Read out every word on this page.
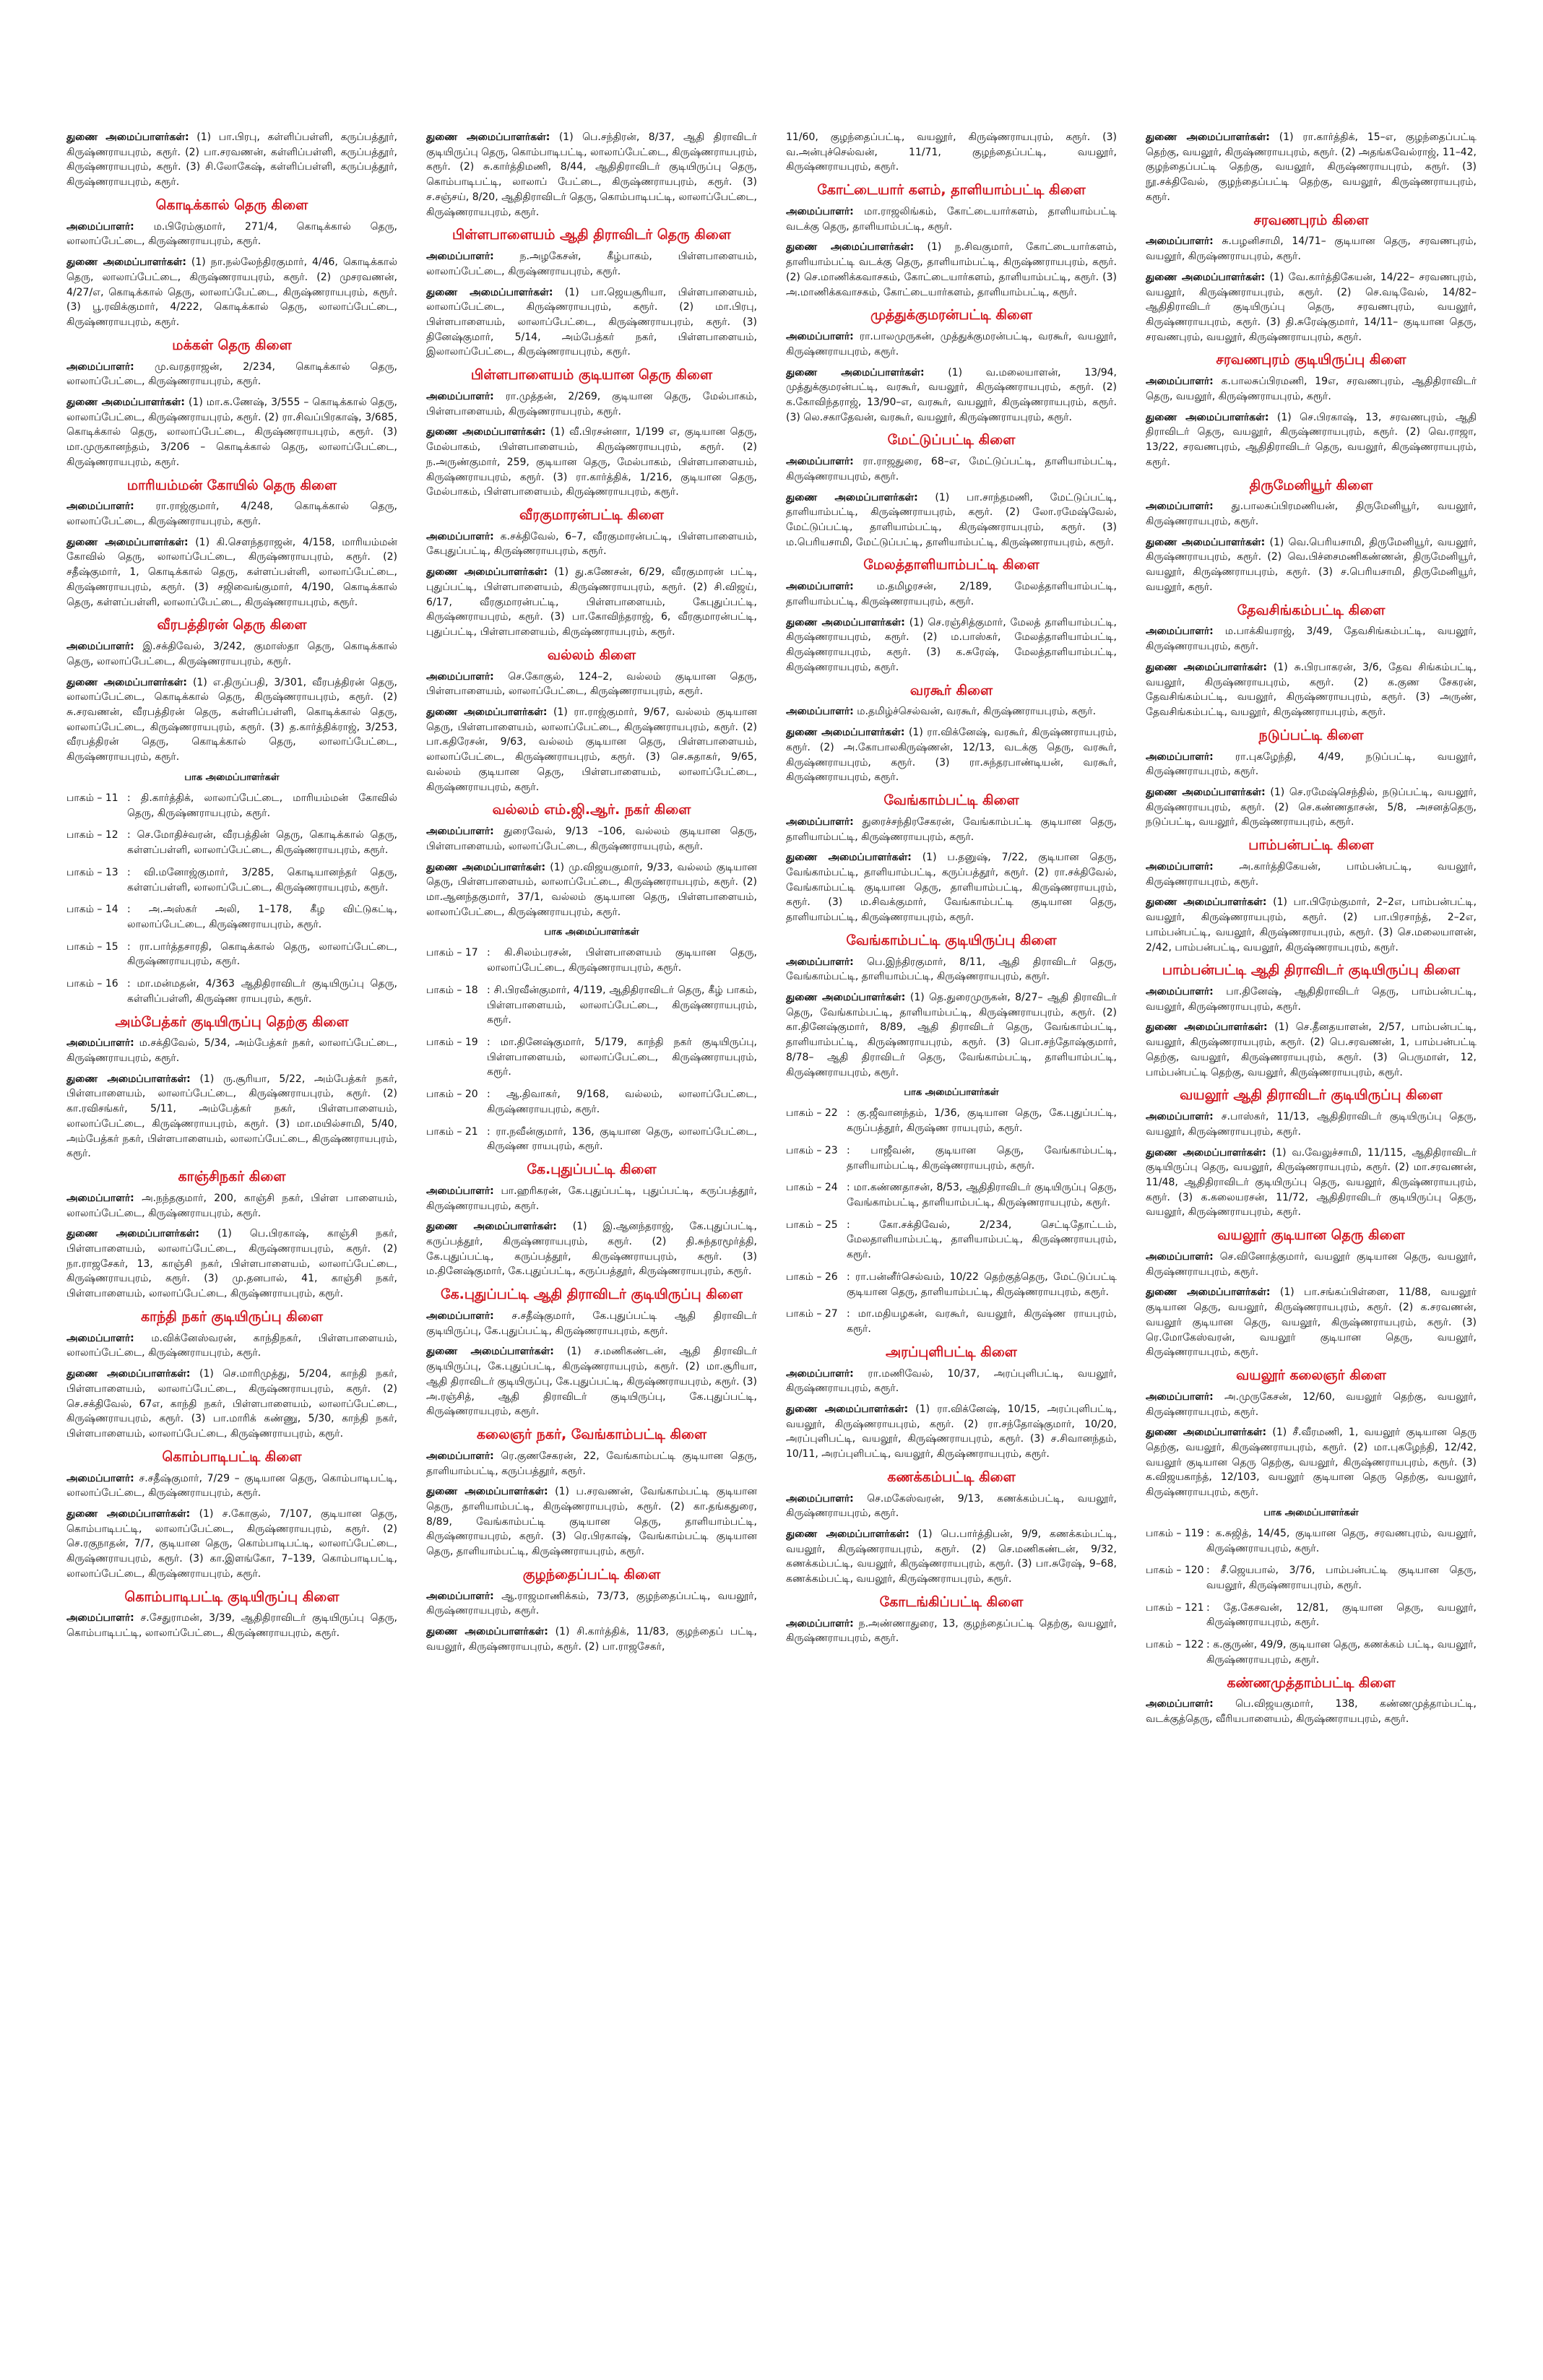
துணை அமைப்பாளர்கள்: (1) பா.பிரபு, கள்ளிப்பள்ளி, கருப்பத்தூர், கிருஷ்ணராயபுரம், கரூர். (2) பா.சரவணன், கள்ளிப்பள்ளி, கருப்பத்தூர், கிருஷ்ணராயபுரம், கரூர். (3) சி.லோகேஷ், கள்ளிப்பள்ளி, கருப்பத்தூர், கிருஷ்ணராயபுரம், கரூர்.
கொடிக்கால் தெரு கிளை
அமைப்பாளர்: ம.பிரேம்குமார், 271/4, கொடிக்கால் தெரு, லாலாப்பேட்டை, கிருஷ்ணராயபுரம், கரூர்.
துணை அமைப்பாளர்கள்: (1) நா.நல்லேந்திரகுமார், 4/46, கொடிக்கால் தெரு, லாலாப்பேட்டை, கிருஷ்ணராயபுரம், கரூர். (2) முசரவணன், 4/27/எ, கொடிக்கால் தெரு, லாலாப்பேட்டை, கிருஷ்ணராயபுரம், கரூர். (3) பூ.ரவிக்குமார், 4/222, கொடிக்கால் தெரு, லாலாப்பேட்டை, கிருஷ்ணராயபுரம், கரூர்.
மக்கள் தெரு கிளை
அமைப்பாளர்: மு.வரதராஜன், 2/234, கொடிக்கால் தெரு, லாலாப்பேட்டை, கிருஷ்ணராயபுரம், கரூர்.
துணை அமைப்பாளர்கள்: (1) மா.க.ணேஷ், 3/555 – கொடிக்கால் தெரு, லாலாப்பேட்டை, கிருஷ்ணராயபுரம், கரூர். (2) ரா.சிவப்பிரகாஷ், 3/685, கொடிக்கால் தெரு, லாலாப்பேட்டை, கிருஷ்ணராயபுரம், கரூர். (3) மா.முருகானந்தம், 3/206 – கொடிக்கால் தெரு, லாலாப்பேட்டை, கிருஷ்ணராயபுரம், கரூர்.
மாரியம்மன் கோயில் தெரு கிளை
அமைப்பாளர்: ரா.ராஜ்குமார், 4/248, கொடிக்கால் தெரு, லாலாப்பேட்டை, கிருஷ்ணராயபுரம், கரூர்.
துணை அமைப்பாளர்கள்: (1) கி.சௌந்தராஜன், 4/158, மாரியம்மன் கோவில் தெரு, லாலாப்பேட்டை, கிருஷ்ணராயபுரம், கரூர். (2) சதீஷ்குமார், 1, கொடிக்கால் தெரு, கள்ளப்பள்ளி, லாலாப்பேட்டை, கிருஷ்ணராயபுரம், கரூர். (3) சஜிவைங்குமார், 4/190, கொடிக்கால் தெரு, கள்ளப்பள்ளி, லாலாப்பேட்டை, கிருஷ்ணராயபுரம், கரூர்.
வீரபத்திரன் தெரு கிளை
அமைப்பாளர்: இ.சக்திவேல், 3/242, குமாஸ்தா தெரு, கொடிக்கால் தெரு, லாலாப்பேட்டை, கிருஷ்ணராயபுரம், கரூர்.
துணை அமைப்பாளர்கள்: (1) எ.திருப்பதி, 3/301, வீரபத்திரன் தெரு, லாலாப்பேட்டை, கொடிக்கால் தெரு, கிருஷ்ணராயபுரம், கரூர். (2) சு.சரவணன், வீரபத்திரன் தெரு, கள்ளிப்பள்ளி, கொடிக்கால் தெரு, லாலாப்பேட்டை, கிருஷ்ணராயபுரம், கரூர். (3) த.கார்த்திக்ராஜ், 3/253, வீரபத்திரன் தெரு, கொடிக்கால் தெரு, லாலாப்பேட்டை, கிருஷ்ணராயபுரம், கரூர்.
பாக அமைப்பாளர்கள்
பாகம் – 11 : தி.கார்த்திக், லாலாப்பேட்டை, மாரியம்மன் கோவில் தெரு, கிருஷ்ணராயபுரம், கரூர்.
பாகம் – 12 : செ.மோதிச்வரன், வீரபத்தின் தெரு, கொடிக்கால் தெரு, கள்ளப்பள்ளி, லாலாப்பேட்டை, கிருஷ்ணராயபுரம், கரூர்.
பாகம் – 13 : வி.மனோஜ்குமார், 3/285, கொடியானந்தர் தெரு, கள்ளப்பள்ளி, லாலாப்பேட்டை, கிருஷ்ணராயபுரம், கரூர்.
பாகம் – 14 : அ.அஸ்கர் அலி, 1–178, கீழ விட்டுகட்டி, லாலாப்பேட்டை, கிருஷ்ணராயபுரம், கரூர்.
பாகம் – 15 : ரா.பார்த்தசாரதி, கொடிக்கால் தெரு, லாலாப்பேட்டை, கிருஷ்ணராயபுரம், கரூர்.
பாகம் – 16 : மா.மன்மதன், 4/363 ஆதிதிராவிடர் குடியிருப்பு தெரு, கள்ளிப்பள்ளி, கிருஷ்ண ராயபுரம், கரூர்.
அம்பேத்கர் குடியிருப்பு தெற்கு கிளை
அமைப்பாளர்: ம.சக்திவேல், 5/34, அம்பேத்கர் நகர், லாலாப்பேட்டை, கிருஷ்ணராயபுரம், கரூர்.
துணை அமைப்பாளர்கள்: (1) ரு.சூரியா, 5/22, அம்பேத்கர் நகர், பிள்ளபாளையம், லாலாப்பேட்டை, கிருஷ்ணராயபுரம், கரூர். (2) கா.ரவிசங்கர், 5/11, அம்பேத்கர் நகர், பிள்ளபாளையம், லாலாப்பேட்டை, கிருஷ்ணராயபுரம், கரூர். (3) மா.மயில்சாமி, 5/40, அம்பேத்கர் நகர், பிள்ளபாளையம், லாலாப்பேட்டை, கிருஷ்ணராயபுரம், கரூர்.
காஞ்சிநகர் கிளை
அமைப்பாளர்: அ.நந்தகுமார், 200, காஞ்சி நகர், பிள்ள பாளையம், லாலாப்பேட்டை, கிருஷ்ணராயபுரம், கரூர்.
துணை அமைப்பாளர்கள்: (1) பெ.பிரகாஷ், காஞ்சி நகர், பிள்ளபாளையம், லாலாப்பேட்டை, கிருஷ்ணராயபுரம், கரூர். (2) நா.ராஜசேகர், 13, காஞ்சி நகர், பிள்ளபாளையம், லாலாப்பேட்டை, கிருஷ்ணராயபுரம், கரூர். (3) மு.தனபால், 41, காஞ்சி நகர், பிள்ளபாளையம், லாலாப்பேட்டை, கிருஷ்ணராயபுரம், கரூர்.
காந்தி நகர் குடியிருப்பு கிளை
அமைப்பாளர்: ம.விக்னேஸ்வரன், காந்திநகர், பிள்ளபாளையம், லாலாப்பேட்டை, கிருஷ்ணராயபுரம், கரூர்.
துணை அமைப்பாளர்கள்: (1) செ.மாரிமுத்து, 5/204, காந்தி நகர், பிள்ளபாளையம், லாலாப்பேட்டை, கிருஷ்ணராயபுரம், கரூர். (2) செ.சக்திவேல், 67எ, காந்தி நகர், பிள்ளபாளையம், லாலாப்பேட்டை, கிருஷ்ணராயபுரம், கரூர். (3) பா.மாரிக் கண்ணு, 5/30, காந்தி நகர், பிள்ளபாளையம், லாலாப்பேட்டை, கிருஷ்ணராயபுரம், கரூர்.
கொம்பாடிபட்டி கிளை
அமைப்பாளர்: ச.சதீஷ்குமார், 7/29 – குடியான தெரு, கொம்பாடிபட்டி, லாலாப்பேட்டை, கிருஷ்ணராயபுரம், கரூர்.
துணை அமைப்பாளர்கள்: (1) ச.கோகுல், 7/107, குடியான தெரு, கொம்பாடிபட்டி, லாலாப்பேட்டை, கிருஷ்ணராயபுரம், கரூர். (2) செ.ரகுநாதன், 7/7, குடியான தெரு, கொம்பாடிபட்டி, லாலாப்பேட்டை, கிருஷ்ணராயபுரம், கரூர். (3) கா.இளங்கோ, 7–139, கொம்பாடிபட்டி, லாலாப்பேட்டை, கிருஷ்ணராயபுரம், கரூர்.
கொம்பாடிபட்டி குடியிருப்பு கிளை
அமைப்பாளர்: ச.சேதுராமன், 3/39, ஆதிதிராவிடர் குடியிருப்பு தெரு, கொம்பாடிபட்டி, லாலாப்பேட்டை, கிருஷ்ணராயபுரம், கரூர்.
துணை அமைப்பாளர்கள்: (1) பெ.சந்திரன், 8/37, ஆதி திராவிடர் குடியிருப்பு தெரு, கொம்பாடிபட்டி, லாலாப்பேட்டை, கிருஷ்ணராயபுரம், கரூர். (2) சு.கார்த்திமணி, 8/44, ஆதிதிராவிடர் குடியிருப்பு தெரு, கொம்பாடிபட்டி, லாலாப் பேட்டை, கிருஷ்ணராயபுரம், கரூர். (3) ச.சஞ்சய், 8/20, ஆதிதிராவிடர் தெரு, கொம்பாடிபட்டி, லாலாப்பேட்டை, கிருஷ்ணராயபுரம், கரூர்.
பிள்ளபாளையம் ஆதி திராவிடர் தெரு கிளை
அமைப்பாளர்:	ந.அழகேசன், கீழ்பாகம், பிள்ளபாளையம், லாலாப்பேட்டை, கிருஷ்ணராயபுரம், கரூர்.
துணை அமைப்பாளர்கள்: (1) பா.ஜெயசூரியா, பிள்ளபாளையம், லாலாப்பேட்டை, கிருஷ்ணராயபுரம், கரூர். (2) மா.பிரபு, பிள்ளபாளையம், லாலாப்பேட்டை, கிருஷ்ணராயபுரம், கரூர். (3) தினேஷ்குமார், 5/14, அம்பேத்கர் நகர், பிள்ளபாளையம், இலாலாப்பேட்டை, கிருஷ்ணராயபுரம், கரூர்.
பிள்ளபாளையம் குடியான தெரு கிளை
அமைப்பாளர்: ரா.முத்தன், 2/269, குடியான தெரு, மேல்பாகம், பிள்ளபாளையம், கிருஷ்ணராயபுரம், கரூர்.
துணை அமைப்பாளர்கள்: (1) வீ.பிரசன்னா, 1/199 எ, குடியான தெரு, மேல்பாகம், பிள்ளபாளையம், கிருஷ்ணராயபுரம், கரூர். (2) ந.அருண்குமார், 259, குடியான தெரு, மேல்பாகம், பிள்ளபாளையம், கிருஷ்ணராயபுரம், கரூர். (3) ரா.கார்த்திக், 1/216, குடியான தெரு, மேல்பாகம், பிள்ளபாளையம், கிருஷ்ணராயபுரம், கரூர்.
வீரகுமாரன்பட்டி கிளை
அமைப்பாளர்: க.சக்திவேல், 6–7, வீரகுமாரன்பட்டி, பிள்ளபாளையம், கேபுதுப்பட்டி, கிருஷ்ணராயபுரம், கரூர்.
துணை அமைப்பாளர்கள்: (1) து.கணேசன், 6/29, வீரகுமாரன் பட்டி, புதுப்பட்டி, பிள்ளபாளையம், கிருஷ்ணராயபுரம், கரூர். (2) சி.விஜய், 6/17, வீரகுமாரன்பட்டி, பிள்ளபாளையம், கேபுதுப்பட்டி, கிருஷ்ணராயபுரம், கரூர். (3) பா.கோவிந்தராஜ், 6, வீரகுமாரன்பட்டி, புதுப்பட்டி, பிள்ளபாளையம், கிருஷ்ணராயபுரம், கரூர்.
வல்லம் கிளை
அமைப்பாளர்: செ.கோகுல், 124–2, வல்லம் குடியான தெரு, பிள்ளபாளையம், லாலாப்பேட்டை, கிருஷ்ணராயபுரம், கரூர்.
துணை அமைப்பாளர்கள்: (1) ரா.ராஜ்குமார், 9/67, வல்லம் குடியான தெரு, பிள்ளபாளையம், லாலாப்பேட்டை, கிருஷ்ணராயபுரம், கரூர். (2) பா.கதிரேசன், 9/63, வல்லம் குடியான தெரு, பிள்ளபாளையம், லாலாப்பேட்டை, கிருஷ்ணராயபுரம், கரூர். (3) செ.சுதாகர், 9/65, வல்லம் குடியான தெரு, பிள்ளபாளையம், லாலாப்பேட்டை, கிருஷ்ணராயபுரம், கரூர்.
வல்லம் எம்.ஜி.ஆர். நகர் கிளை
அமைப்பாளர்: துரைவேல், 9/13 –106, வல்லம் குடியான தெரு, பிள்ளபாளையம், லாலாப்பேட்டை, கிருஷ்ணராயபுரம், கரூர்.
துணை அமைப்பாளர்கள்: (1) மு.விஜயகுமார், 9/33, வல்லம் குடியான தெரு, பிள்ளபாளையம், லாலாப்பேட்டை, கிருஷ்ணராயபுரம், கரூர். (2) மா.ஆனந்தகுமார், 37/1, வல்லம் குடியான தெரு, பிள்ளபாளையம், லாலாப்பேட்டை, கிருஷ்ணராயபுரம், கரூர்.
பாக அமைப்பாளர்கள்
பாகம் – 17 : கி.சிலம்பரசன், பிள்ளபாளையம் குடியான தெரு, லாலாப்பேட்டை, கிருஷ்ணராயபுரம், கரூர்.
பாகம் – 18 : சி.பிரவீன்குமார், 4/119, ஆதிதிராவிடர் தெரு, கீழ் பாகம், பிள்ளபாளையம், லாலாப்பேட்டை, கிருஷ்ணராயபுரம், கரூர்.
பாகம் – 19 : மா.தினேஷ்குமார், 5/179, காந்தி நகர் குடியிருப்பு, பிள்ளபாளையம், லாலாப்பேட்டை, கிருஷ்ணராயபுரம், கரூர்.
பாகம் – 20 : ஆ.திவாகர், 9/168, வல்லம், லாலாப்பேட்டை, கிருஷ்ணராயபுரம், கரூர்.
பாகம் – 21 : ரா.நவீன்குமார், 136, குடியான தெரு, லாலாப்பேட்டை, கிருஷ்ண ராயபுரம், கரூர்.
கே.புதுப்பட்டி கிளை
அமைப்பாளர்: பா.ஹரிகரன், கே.புதுப்பட்டி, புதுப்பட்டி, கருப்பத்தூர், கிருஷ்ணராயபுரம், கரூர்.
துணை அமைப்பாளர்கள்: (1) இ.ஆனந்தராஜ், கே.புதுப்பட்டி, கருப்பத்தூர், கிருஷ்ணராயபுரம், கரூர். (2) தி.சுந்தரமூர்த்தி, கே.புதுப்பட்டி, கருப்பத்தூர், கிருஷ்ணராயபுரம், கரூர். (3) ம.தினேஷ்குமார், கே.புதுப்பட்டி, கருப்பத்தூர், கிருஷ்ணராயபுரம், கரூர்.
கே.புதுப்பட்டி ஆதி திராவிடர் குடியிருப்பு கிளை
அமைப்பாளர்: ச.சதீஷ்குமார், கே.புதுப்பட்டி ஆதி திராவிடர் குடியிருப்பு, கே.புதுப்பட்டி, கிருஷ்ணராயபுரம், கரூர்.
துணை அமைப்பாளர்கள்: (1) ச.மணிகண்டன், ஆதி திராவிடர் குடியிருப்பு, கே.புதுப்பட்டி, கிருஷ்ணராயபுரம், கரூர். (2) மா.சூரியா, ஆதி திராவிடர் குடியிருப்பு, கே.புதுப்பட்டி, கிருஷ்ணராயபுரம், கரூர். (3) அ.ரஞ்சித், ஆதி திராவிடர் குடியிருப்பு, கே.புதுப்பட்டி, கிருஷ்ணராயபுரம், கரூர்.
கலைஞர் நகர், வேங்காம்பட்டி கிளை
அமைப்பாளர்: ரெ.குணசேகரன், 22, வேங்காம்பட்டி குடியான தெரு, தாளியாம்பட்டி, கருப்பத்தூர், கரூர்.
துணை அமைப்பாளர்கள்: (1) ப.சரவணன், வேங்காம்பட்டி குடியான தெரு, தாளியாம்பட்டி, கிருஷ்ணராயபுரம், கரூர். (2) கா.தங்கதுரை, 8/89, வேங்காம்பட்டி குடியான தெரு, தாளியாம்பட்டி, கிருஷ்ணராயபுரம், கரூர். (3) ரெ.பிரகாஷ், வேங்காம்பட்டி குடியான தெரு, தாளியாம்பட்டி, கிருஷ்ணராயபுரம், கரூர்.
குழந்தைப்பட்டி கிளை
அமைப்பாளர்: ஆ.ராஜமாணிக்கம், 73/73, குழந்தைப்பட்டி, வயலூர், கிருஷ்ணராயபுரம், கரூர்.
துணை அமைப்பாளர்கள்: (1) சி.கார்த்திக், 11/83, குழந்தைப் பட்டி, வயலூர், கிருஷ்ணராயபுரம், கரூர். (2) பா.ராஜசேகர்,
11/60, குழந்தைப்பட்டி, வயலூர், கிருஷ்ணராயபுரம், கரூர். (3) வ.அன்புச்செல்வன், 11/71, குழந்தைப்பட்டி, வயலூர், கிருஷ்ணராயபுரம், கரூர்.
கோட்டையார் களம், தாளியாம்பட்டி கிளை
அமைப்பாளர்: மா.ராஜலிங்கம், கோட்டையார்களம், தாளியாம்பட்டி வடக்கு தெரு, தாளியாம்பட்டி, கரூர்.
துணை அமைப்பாளர்கள்: (1) ந.சிவகுமார், கோட்டையார்களம், தாளியாம்பட்டி வடக்கு தெரு, தாளியாம்பட்டி, கிருஷ்ணராயபுரம், கரூர். (2) செ.மாணிக்கவாசகம், கோட்டையார்களம், தாளியாம்பட்டி, கரூர். (3) அ.மாணிக்கவாசகம், கோட்டையார்களம், தாளியாம்பட்டி, கரூர்.
முத்துக்குமரன்பட்டி கிளை
அமைப்பாளர்: ரா.பாலமுருகன், முத்துக்குமரன்பட்டி, வரகூர், வயலூர், கிருஷ்ணராயபுரம், கரூர்.
துணை அமைப்பாளர்கள்: (1) வ.மலையாளன், 13/94, முத்துக்குமரன்பட்டி, வரகூர், வயலூர், கிருஷ்ணராயபுரம், கரூர். (2) க.கோவிந்தராஜ், 13/90–எ, வரகூர், வயலூர், கிருஷ்ணராயபுரம், கரூர். (3) லெ.சகாதேவன், வரகூர், வயலூர், கிருஷ்ணராயபுரம், கரூர்.
மேட்டுப்பட்டி கிளை
அமைப்பாளர்: ரா.ராஜதுரை, 68–எ, மேட்டுப்பட்டி, தாளியாம்பட்டி, கிருஷ்ணராயபுரம், கரூர்.
துணை அமைப்பாளர்கள்: (1) பா.சாந்தமணி, மேட்டுப்பட்டி, தாளியாம்பட்டி, கிருஷ்ணராயபுரம், கரூர். (2) லோ.ரமேஷ்வேல், மேட்டுப்பட்டி, தாளியாம்பட்டி, கிருஷ்ணராயபுரம், கரூர். (3) ம.பெரியசாமி, மேட்டுப்பட்டி, தாளியாம்பட்டி, கிருஷ்ணராயபுரம், கரூர்.
மேலத்தாளியாம்பட்டி கிளை
அமைப்பாளர்: ம.தமிழரசன், 2/189, மேலத்தாளியாம்பட்டி, தாளியாம்பட்டி, கிருஷ்ணராயபுரம், கரூர்.
துணை அமைப்பாளர்கள்: (1) செ.ரஞ்சித்குமார், மேலத் தாளியாம்பட்டி, கிருஷ்ணராயபுரம், கரூர். (2) ம.பாஸ்கர், மேலத்தாளியாம்பட்டி, கிருஷ்ணராயபுரம், கரூர். (3) க.சுரேஷ், மேலத்தாளியாம்பட்டி, கிருஷ்ணராயபுரம், கரூர்.
வரகூர் கிளை
அமைப்பாளர்: ம.தமிழ்ச்செல்வன், வரகூர், கிருஷ்ணராயபுரம், கரூர்.
துணை அமைப்பாளர்கள்: (1) ரா.விக்னேஷ், வரகூர், கிருஷ்ணராயபுரம், கரூர். (2) அ.கோபாலகிருஷ்ணன், 12/13, வடக்கு தெரு, வரகூர், கிருஷ்ணராயபுரம், கரூர். (3) ரா.சுந்தரபாண்டியன், வரகூர், கிருஷ்ணராயபுரம், கரூர்.
வேங்காம்பட்டி கிளை
அமைப்பாளர்: துரைச்சந்திரசேகரன், வேங்காம்பட்டி குடியான தெரு, தாளியாம்பட்டி, கிருஷ்ணராயபுரம், கரூர்.
துணை அமைப்பாளர்கள்: (1) ப.தனுஷ், 7/22, குடியான தெரு, வேங்காம்பட்டி, தாளியாம்பட்டி, கருப்பத்தூர், கரூர். (2) ரா.சக்திவேல், வேங்காம்பட்டி குடியான தெரு, தாளியாம்பட்டி, கிருஷ்ணராயபுரம், கரூர். (3) ம.சிவக்குமார், வேங்காம்பட்டி குடியான தெரு, தாளியாம்பட்டி, கிருஷ்ணராயபுரம், கரூர்.
வேங்காம்பட்டி குடியிருப்பு கிளை
அமைப்பாளர்: பெ.இந்திரகுமார், 8/11, ஆதி திராவிடர் தெரு, வேங்காம்பட்டி, தாளியாம்பட்டி, கிருஷ்ணராயபுரம், கரூர்.
துணை அமைப்பாளர்கள்: (1) தெ.துரைமுருகன், 8/27– ஆதி திராவிடர் தெரு, வேங்காம்பட்டி, தாளியாம்பட்டி, கிருஷ்ணராயபுரம், கரூர். (2) கா.தினேஷ்குமார், 8/89, ஆதி திராவிடர் தெரு, வேங்காம்பட்டி, தாளியாம்பட்டி, கிருஷ்ணராயபுரம், கரூர். (3) பொ.சந்தோஷ்குமார், 8/78– ஆதி திராவிடர் தெரு, வேங்காம்பட்டி, தாளியாம்பட்டி, கிருஷ்ணராயபுரம், கரூர்.
பாக அமைப்பாளர்கள்
பாகம் – 22 : கு.ஜீவானந்தம், 1/36, குடியான தெரு, கே.புதுப்பட்டி, கருப்பத்தூர், கிருஷ்ண ராயபுரம், கரூர்.
பாகம் – 23 : பாஜீவன், குடியான தெரு, வேங்காம்பட்டி, தாளியாம்பட்டி, கிருஷ்ணராயபுரம், கரூர்.
பாகம் – 24 : மா.கண்ணதாசன், 8/53, ஆதிதிராவிடர் குடியிருப்பு தெரு, வேங்காம்பட்டி, தாளியாம்பட்டி, கிருஷ்ணராயபுரம், கரூர்.
பாகம் – 25 : கோ.சக்திவேல், 2/234, செட்டிதோட்டம், மேலதாளியாம்பட்டி, தாளியாம்பட்டி, கிருஷ்ணராயபுரம், கரூர்.
பாகம் – 26 : ரா.பன்னீர்செல்வம், 10/22 தெற்குத்தெரு, மேட்டுப்பட்டி குடியான தெரு, தாளியாம்பட்டி, கிருஷ்ணராயபுரம், கரூர்.
பாகம் – 27 : மா.மதியழகன், வரகூர், வயலூர், கிருஷ்ண ராயபுரம், கரூர்.
அரப்புளிபட்டி கிளை
அமைப்பாளர்: ரா.மணிவேல், 10/37, அரப்புளிபட்டி, வயலூர், கிருஷ்ணராயபுரம், கரூர்.
துணை அமைப்பாளர்கள்: (1) ரா.விக்னேஷ், 10/15, அரப்புளிபட்டி, வயலூர், கிருஷ்ணராயபுரம், கரூர். (2) ரா.சந்தோஷ்குமார், 10/20, அரப்புளிபட்டி, வயலூர், கிருஷ்ணராயபுரம், கரூர். (3) ச.சிவானந்தம், 10/11, அரப்புளிபட்டி, வயலூர், கிருஷ்ணராயபுரம், கரூர்.
கணக்கம்பட்டி கிளை
அமைப்பாளர்: செ.மகேஸ்வரன், 9/13, கணக்கம்பட்டி, வயலூர், கிருஷ்ணராயபுரம், கரூர்.
துணை அமைப்பாளர்கள்: (1) பெ.பார்த்திபன், 9/9, கணக்கம்பட்டி, வயலூர், கிருஷ்ணராயபுரம், கரூர். (2) செ.மணிகண்டன், 9/32, கணக்கம்பட்டி, வயலூர், கிருஷ்ணராயபுரம், கரூர். (3) பா.சுரேஷ், 9–68, கணக்கம்பட்டி, வயலூர், கிருஷ்ணராயபுரம், கரூர்.
கோடங்கிப்பட்டி கிளை
அமைப்பாளர்: ந.அண்ணாதுரை, 13, குழந்தைப்பட்டி தெற்கு, வயலூர், கிருஷ்ணராயபுரம், கரூர்.
துணை அமைப்பாளர்கள்: (1) ரா.கார்த்திக், 15–எ, குழந்தைப்பட்டி தெற்கு, வயலூர், கிருஷ்ணராயபுரம், கரூர். (2) அதங்கவேல்ராஜ், 11–42, குழந்தைப்பட்டி தெற்கு, வயலூர், கிருஷ்ணராயபுரம், கரூர். (3) நூ.சக்திவேல், குழந்தைப்பட்டி தெற்கு, வயலூர், கிருஷ்ணராயபுரம், கரூர்.
சரவணபுரம் கிளை
அமைப்பாளர்: சு.பழனிசாமி, 14/71– குடியான தெரு, சரவணபுரம், வயலூர், கிருஷ்ணராயபுரம், கரூர்.
துணை அமைப்பாளர்கள்: (1) வே.கார்த்திகேயன், 14/22– சரவணபுரம், வயலூர், கிருஷ்ணராயபுரம், கரூர். (2) செ.வடிவேல், 14/82– ஆதிதிராவிடர் குடியிருப்பு தெரு, சரவணபுரம், வயலூர், கிருஷ்ணராயபுரம், கரூர். (3) தி.சுரேஷ்குமார், 14/11– குடியான தெரு, சரவணபுரம், வயலூர், கிருஷ்ணராயபுரம், கரூர்.
சரவணபுரம் குடியிருப்பு கிளை
அமைப்பாளர்: க.பாலசுப்பிரமணி, 19எ, சரவணபுரம், ஆதிதிராவிடர் தெரு, வயலூர், கிருஷ்ணராயபுரம், கரூர்.
துணை அமைப்பாளர்கள்: (1) செ.பிரகாஷ், 13, சரவணபுரம், ஆதி திராவிடர் தெரு, வயலூர், கிருஷ்ணராயபுரம், கரூர். (2) வெ.ராஜா, 13/22, சரவணபுரம், ஆதிதிராவிடர் தெரு, வயலூர், கிருஷ்ணராயபுரம், கரூர்.
திருமேனியூர் கிளை
அமைப்பாளர்: து.பாலசுப்பிரமணியன், திருமேனியூர், வயலூர், கிருஷ்ணராயபுரம், கரூர்.
துணை அமைப்பாளர்கள்: (1) வெ.பெரியசாமி, திருமேனியூர், வயலூர், கிருஷ்ணராயபுரம், கரூர். (2) வெ.பிச்சைமணிகண்ணன், திருமேனியூர், வயலூர், கிருஷ்ணராயபுரம், கரூர். (3) ச.பெரியசாமி, திருமேனியூர், வயலூர், கரூர்.
தேவசிங்கம்பட்டி கிளை
அமைப்பாளர்: ம.பாக்கியராஜ், 3/49, தேவசிங்கம்பட்டி, வயலூர், கிருஷ்ணராயபுரம், கரூர்.
துணை அமைப்பாளர்கள்: (1) சு.பிரபாகரன், 3/6, தேவ சிங்கம்பட்டி, வயலூர், கிருஷ்ணராயபுரம், கரூர். (2) க.குண சேகரன், தேவசிங்கம்பட்டி, வயலூர், கிருஷ்ணராயபுரம், கரூர். (3) அருண், தேவசிங்கம்பட்டி, வயலூர், கிருஷ்ணராயபுரம், கரூர்.
நடுப்பட்டி கிளை
அமைப்பாளர்: ரா.புகழேந்தி, 4/49, நடுப்பட்டி, வயலூர், கிருஷ்ணராயபுரம், கரூர்.
துணை அமைப்பாளர்கள்: (1) செ.ரமேஷ்செந்தில், நடுப்பட்டி, வயலூர், கிருஷ்ணராயபுரம், கரூர். (2) செ.கண்ணதாசன், 5/8, அசனத்தெரு, நடுப்பட்டி, வயலூர், கிருஷ்ணராயபுரம், கரூர்.
பாம்பன்பட்டி கிளை
அமைப்பாளர்:	அ.கார்த்திகேயன், பாம்பன்பட்டி, வயலூர், கிருஷ்ணராயபுரம், கரூர்.
துணை அமைப்பாளர்கள்: (1) பா.பிரேம்குமார், 2–2எ, பாம்பன்பட்டி, வயலூர், கிருஷ்ணராயபுரம், கரூர். (2) பா.பிரசாந்த், 2–2எ, பாம்பன்பட்டி, வயலூர், கிருஷ்ணராயபுரம், கரூர். (3) செ.மலையாளன், 2/42, பாம்பன்பட்டி, வயலூர், கிருஷ்ணராயபுரம், கரூர்.
பாம்பன்பட்டி ஆதி திராவிடர் குடியிருப்பு கிளை
அமைப்பாளர்: பா.தினேஷ், ஆதிதிராவிடர் தெரு, பாம்பன்பட்டி, வயலூர், கிருஷ்ணராயபுரம், கரூர்.
துணை அமைப்பாளர்கள்: (1) செ.தீனதயாளன், 2/57, பாம்பன்பட்டி, வயலூர், கிருஷ்ணராயபுரம், கரூர். (2) பெ.சரவணன், 1, பாம்பன்பட்டி தெற்கு, வயலூர், கிருஷ்ணராயபுரம், கரூர். (3) பெருமாள், 12, பாம்பன்பட்டி தெற்கு, வயலூர், கிருஷ்ணராயபுரம், கரூர்.
வயலூர் ஆதி திராவிடர் குடியிருப்பு கிளை
அமைப்பாளர்: ச.பாஸ்கர், 11/13, ஆதிதிராவிடர் குடியிருப்பு தெரு, வயலூர், கிருஷ்ணராயபுரம், கரூர்.
துணை அமைப்பாளர்கள்: (1) வ.வேலுச்சாமி, 11/115, ஆதிதிராவிடர் குடியிருப்பு தெரு, வயலூர், கிருஷ்ணராயபுரம், கரூர். (2) மா.சரவணன், 11/48, ஆதிதிராவிடர் குடியிருப்பு தெரு, வயலூர், கிருஷ்ணராயபுரம், கரூர். (3) க.கலையரசன், 11/72, ஆதிதிராவிடர் குடியிருப்பு தெரு, வயலூர், கிருஷ்ணராயபுரம், கரூர்.
வயலூர் குடியான தெரு கிளை
அமைப்பாளர்: செ.வினோத்குமார், வயலூர் குடியான தெரு, வயலூர், கிருஷ்ணராயபுரம், கரூர்.
துணை அமைப்பாளர்கள்: (1) பா.சங்கப்பிள்ளை, 11/88, வயலூர் குடியான தெரு, வயலூர், கிருஷ்ணராயபுரம், கரூர். (2) க.சரவணன், வயலூர் குடியான தெரு, வயலூர், கிருஷ்ணராயபுரம், கரூர். (3) ரெ.மோகேஸ்வரன், வயலூர் குடியான தெரு, வயலூர், கிருஷ்ணராயபுரம், கரூர்.
வயலூர் கலைஞர் கிளை
அமைப்பாளர்: அ.முருகேசன், 12/60, வயலூர் தெற்கு, வயலூர், கிருஷ்ணராயபுரம், கரூர்.
துணை அமைப்பாளர்கள்: (1) சீ.வீரமணி, 1, வயலூர் குடியான தெரு தெற்கு, வயலூர், கிருஷ்ணராயபுரம், கரூர். (2) மா.புகழேந்தி, 12/42, வயலூர் குடியான தெரு தெற்கு, வயலூர், கிருஷ்ணராயபுரம், கரூர். (3) க.விஜயகாந்த், 12/103, வயலூர் குடியான தெரு தெற்கு, வயலூர், கிருஷ்ணராயபுரம், கரூர்.
பாக அமைப்பாளர்கள்
பாகம் – 119 : க.சுஜித், 14/45, குடியான தெரு, சரவணபுரம், வயலூர், கிருஷ்ணராயபுரம், கரூர்.
பாகம் – 120 : சீ.ஜெயபால், 3/76, பாம்பன்பட்டி குடியான தெரு, வயலூர், கிருஷ்ணராயபுரம், கரூர்.
பாகம் – 121 : தே.கேசவன், 12/81, குடியான தெரு, வயலூர், கிருஷ்ணராயபுரம், கரூர்.
பாகம் – 122 : க.குருண், 49/9, குடியான தெரு, கணக்கம் பட்டி, வயலூர், கிருஷ்ணராயபுரம், கரூர்.
கண்ணமுத்தாம்பட்டி கிளை
அமைப்பாளர்: பெ.விஜயகுமார், 138, கண்ணமுத்தாம்பட்டி, வடக்குத்தெரு, வீரியபாளையம், கிருஷ்ணராயபுரம், கரூர்.
